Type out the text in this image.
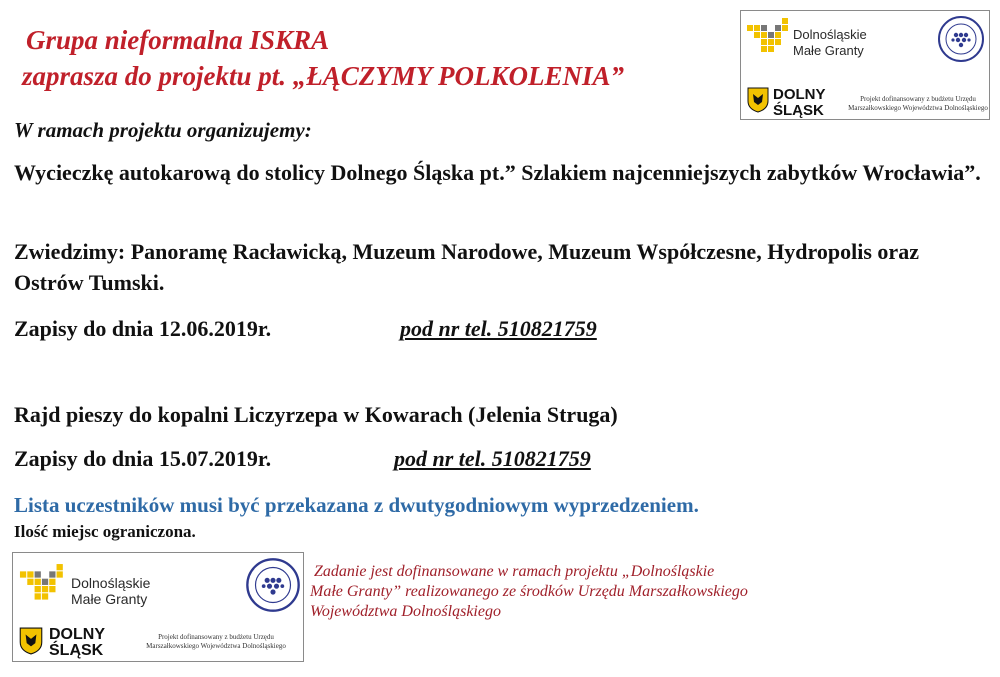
Grupa nieformalna ISKRA
zaprasza do projektu pt. „ŁĄCZYMY POLKOLENIA”
Dolnośląskie
Małe Granty
DOLNY
ŚLĄSK
Projekt dofinansowany z budżetu Urzędu
Marszałkowskiego Województwa Dolnośląskiego
W ramach projektu organizujemy:
Wycieczkę autokarową do stolicy Dolnego Śląska pt.” Szlakiem najcenniejszych zabytków Wrocławia”.
Zwiedzimy: Panoramę Racławicką, Muzeum Narodowe, Muzeum Współczesne, Hydropolis oraz Ostrów Tumski.
Zapisy do dnia 12.06.2019r.	pod nr tel. 510821759
Rajd pieszy do kopalni Liczyrzepa w Kowarach (Jelenia Struga)
Zapisy do dnia 15.07.2019r.	pod nr tel. 510821759
Lista uczestników musi być przekazana z dwutygodniowym wyprzedzeniem.
Ilość miejsc ograniczona.
Dolnośląskie
Małe Granty
DOLNY
ŚLĄSK
Projekt dofinansowany z budżetu Urzędu
Marszałkowskiego Województwa Dolnośląskiego
Zadanie jest dofinansowane w ramach projektu „Dolnośląskie
Małe Granty” realizowanego ze środków Urzędu Marszałkowskiego
Województwa Dolnośląskiego
